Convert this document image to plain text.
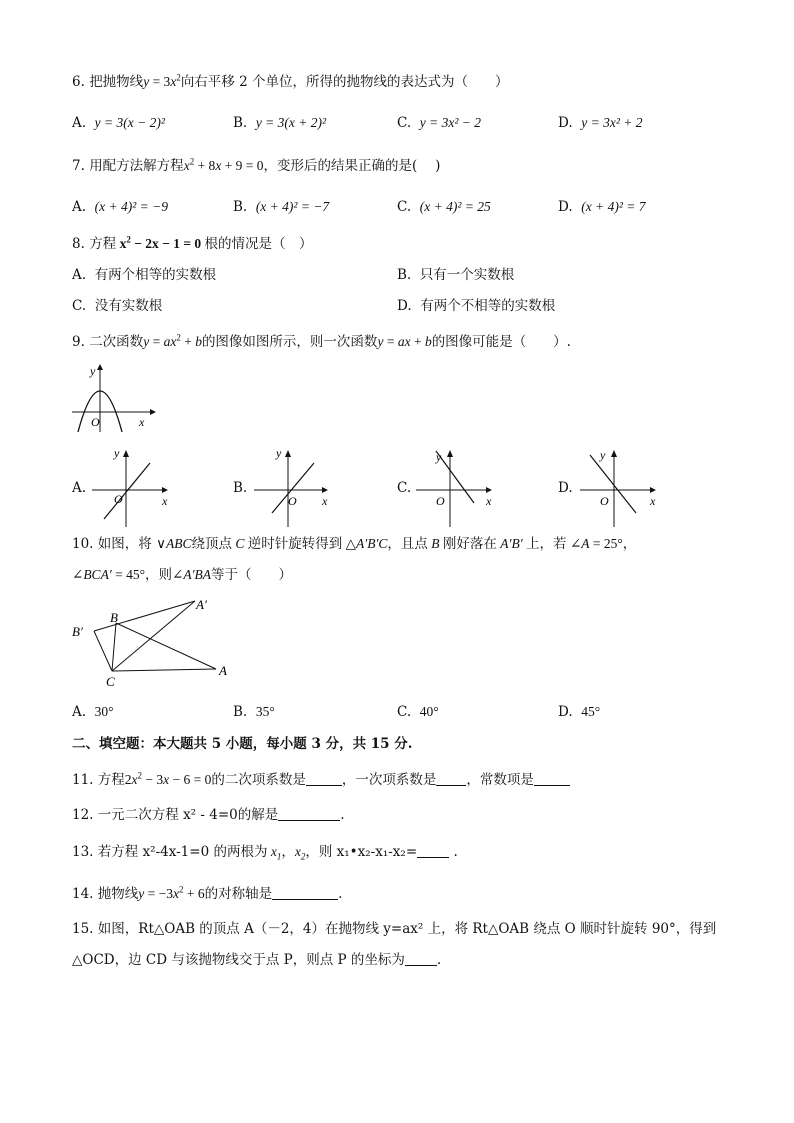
6. 把抛物线$y = 3x^2$向右平移 2 个单位，所得的抛物线的表达式为（　　）
A. y = 3(x − 2)²	B. y = 3(x + 2)²	C. y = 3x² − 2	D. y = 3x² + 2
7. 用配方法解方程$x^2 + 8x + 9 = 0$，变形后的结果正确的是(　 )
A. (x + 4)² = −9	B. (x + 4)² = −7	C. (x + 4)² = 25	D. (x + 4)² = 7
8. 方程 $x^2 - 2x - 1 = 0$ 根的情况是（　）
A. 有两个相等的实数根	B. 只有一个实数根
C. 没有实数根	D. 有两个不相等的实数根
9. 二次函数$y = ax^2 + b$的图像如图所示，则一次函数y = ax + b的图像可能是（　　）.
y
x
O
A.
y
x
O
B.
y
x
O
C.
y
x
O
D.
y
x
O
10. 如图，将 ∨ABC绕顶点 C 逆时针旋转得到 △A′B′C，且点 B 刚好落在 A′B′ 上，若 ∠A = 25°，
∠BCA′ = 45°，则∠A′BA等于（　　）
B
A′
B′
C
A
A. 30°	B. 35°	C. 40°	D. 45°
二、填空题：本大题共 5 小题，每小题 3 分，共 15 分.
11. 方程$2x^2 - 3x - 6 = 0$的二次项系数是	，一次项系数是 ，常数项是
12. 一元二次方程 x² - 4=0的解是	.
13. 若方程 x²-4x-1=0 的两根为 $x_1$，$x_2$，则 x₁•x₂-x₁-x₂=	.
14. 抛物线$y = -3x^2 + 6$的对称轴是	.
15. 如图，Rt△OAB 的顶点 A（－2，4）在抛物线 y=ax² 上，将 Rt△OAB 绕点 O 顺时针旋转 90°，得到
△OCD，边 CD 与该抛物线交于点 P，则点 P 的坐标为 .
